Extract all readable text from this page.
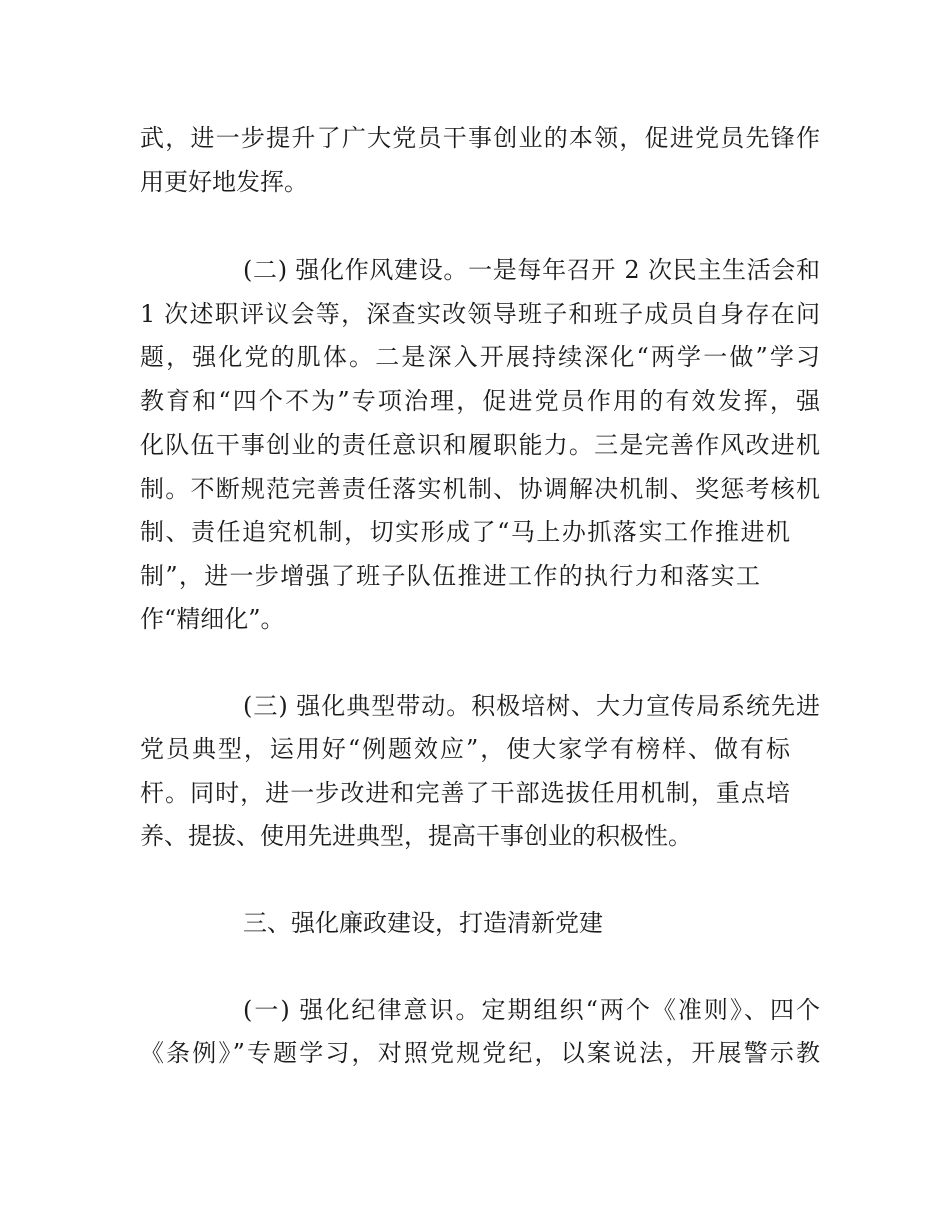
武，进一步提升了广大党员干事创业的本领，促进党员先锋作
用更好地发挥。
(二) 强化作风建设。一是每年召开 2 次民主生活会和
1 次述职评议会等，深查实改领导班子和班子成员自身存在问
题，强化党的肌体。二是深入开展持续深化“两学一做”学习
教育和“四个不为”专项治理，促进党员作用的有效发挥，强
化队伍干事创业的责任意识和履职能力。三是完善作风改进机
制。不断规范完善责任落实机制、协调解决机制、奖惩考核机
制、责任追究机制，切实形成了“马上办抓落实工作推进机
制”，进一步增强了班子队伍推进工作的执行力和落实工
作“精细化”。
(三) 强化典型带动。积极培树、大力宣传局系统先进
党员典型，运用好“例题效应”，使大家学有榜样、做有标
杆。同时，进一步改进和完善了干部选拔任用机制，重点培
养、提拔、使用先进典型，提高干事创业的积极性。
三、强化廉政建设，打造清新党建
(一) 强化纪律意识。定期组织“两个《准则》、四个
《条例》”专题学习，对照党规党纪，以案说法，开展警示教
